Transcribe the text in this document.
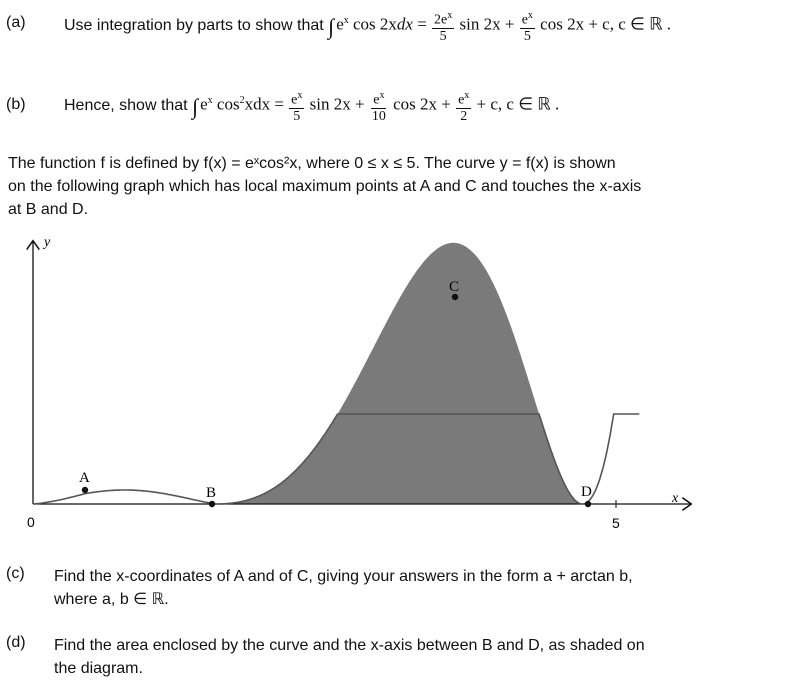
(a) Use integration by parts to show that
∫ $e^x$ $\cos 2xdx = \frac{2e^x}{5}$ $\sin 2x + \frac{e^x}{5}$ cos 2x + c, c ∈ ℝ .
(b) Hence, show that
∫ $e^x$ $\cos^2xdx = \frac{e^x}{5}$ $\sin 2x + \frac{e^x}{10}$ $\cos 2x + \frac{e^x}{2} + c$, c ∈ ℝ .
The function f is defined by f(x) = eˣcos²x, where 0 ≤ x ≤ 5. The curve y = f(x) is shown
on the following graph which has local maximum points at A and C and touches the x-axis
at B and D.
y
x
0	5
A
B
C
D
(c) Find the x-coordinates of A and of C, giving your answers in the form a + arctan b,
where a, b ∈ ℝ.
(d) Find the area enclosed by the curve and the x-axis between B and D, as shaded on
the diagram.
